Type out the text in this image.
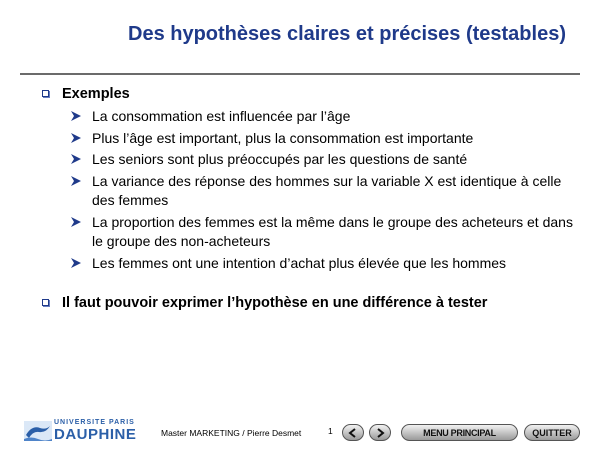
Des hypothèses claires et précises (testables)
Exemples
La consommation est influencée par l’âge
Plus l’âge est important, plus la consommation est importante
Les seniors sont plus préoccupés par les questions de santé
La variance des réponse des hommes sur la variable X est identique à celle des femmes
La proportion des femmes est la même dans le groupe des acheteurs et dans le groupe des non-acheteurs
Les femmes ont une intention d’achat plus élevée que les hommes
Il faut pouvoir exprimer l’hypothèse en une différence à tester
UNIVERSITE PARIS
DAUPHINE	Master MARKETING / Pierre Desmet	1	MENU PRINCIPAL	QUITTER
